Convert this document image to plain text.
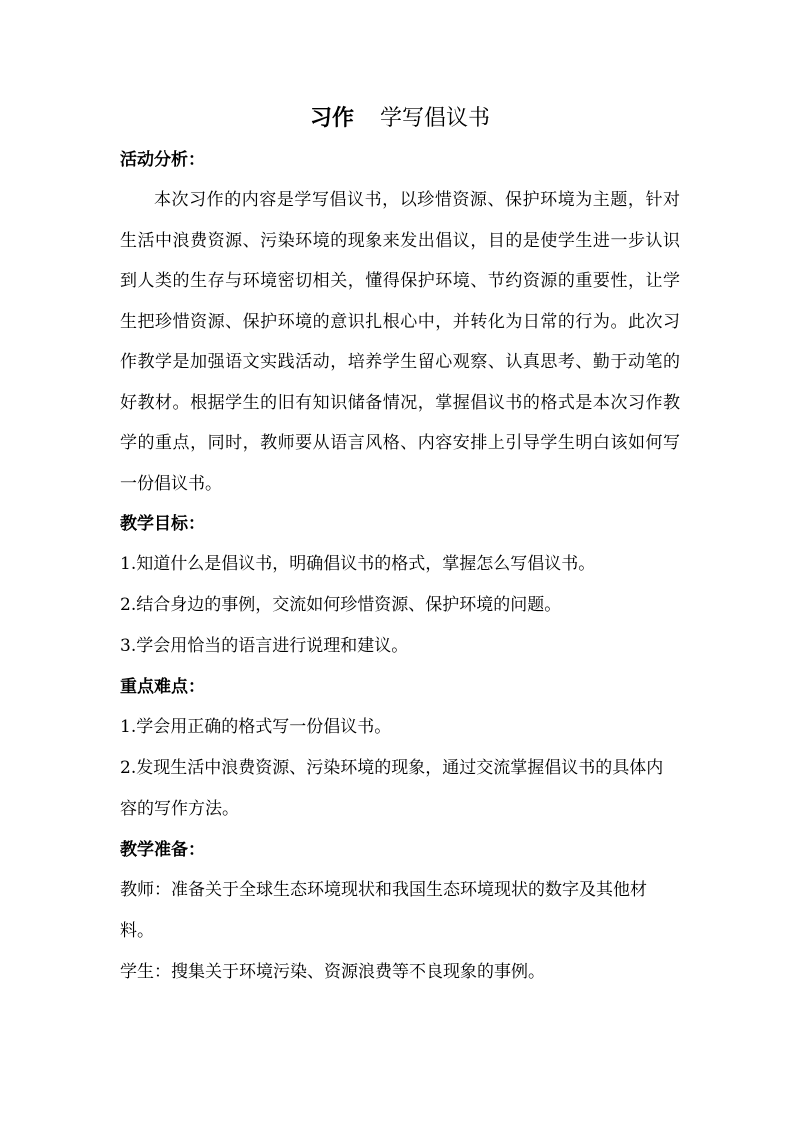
习作 学写倡议书

活动分析：

本次习作的内容是学写倡议书，以珍惜资源、保护环境为主题，针对生活中浪费资源、污染环境的现象来发出倡议，目的是使学生进一步认识到人类的生存与环境密切相关，懂得保护环境、节约资源的重要性，让学生把珍惜资源、保护环境的意识扎根心中，并转化为日常的行为。此次习作教学是加强语文实践活动，培养学生留心观察、认真思考、勤于动笔的好教材。根据学生的旧有知识储备情况，掌握倡议书的格式是本次习作教学的重点，同时，教师要从语言风格、内容安排上引导学生明白该如何写一份倡议书。

教学目标：

1.知道什么是倡议书，明确倡议书的格式，掌握怎么写倡议书。

2.结合身边的事例，交流如何珍惜资源、保护环境的问题。

3.学会用恰当的语言进行说理和建议。

重点难点：

1.学会用正确的格式写一份倡议书。

2.发现生活中浪费资源、污染环境的现象，通过交流掌握倡议书的具体内容的写作方法。

教学准备：

教师：准备关于全球生态环境现状和我国生态环境现状的数字及其他材料。

学生：搜集关于环境污染、资源浪费等不良现象的事例。
